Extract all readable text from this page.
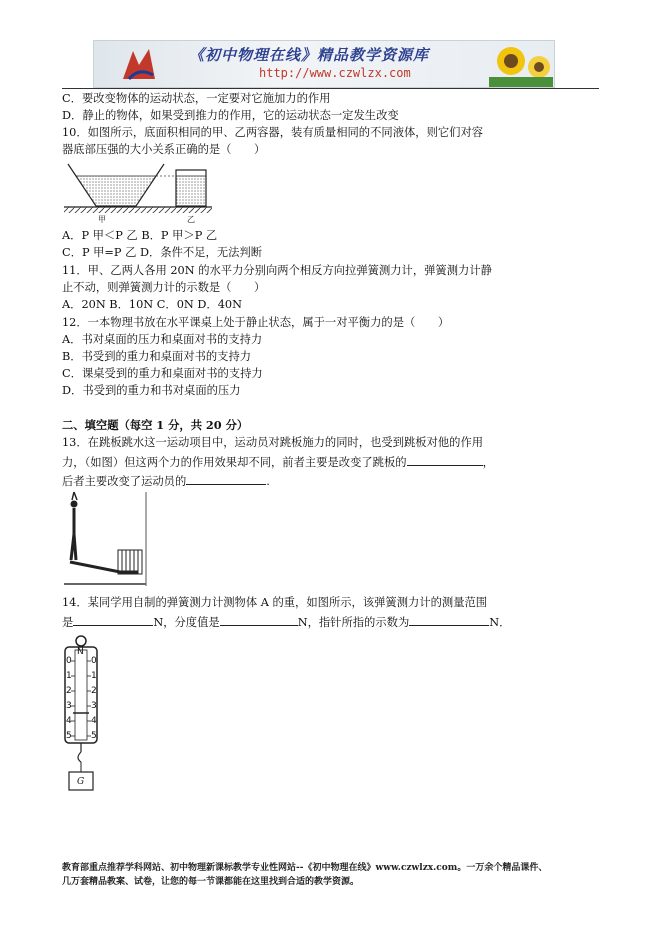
《初中物理在线》精品教学资源库
http://www.czwlzx.com
C．要改变物体的运动状态，一定要对它施加力的作用
D．静止的物体，如果受到推力的作用，它的运动状态一定发生改变
10．如图所示，底面积相同的甲、乙两容器，装有质量相同的不同液体，则它们对容
器底部压强的大小关系正确的是（　　）
甲	乙
A．P 甲＜P 乙 B．P 甲＞P 乙
C．P 甲=P 乙 D．条件不足，无法判断
11．甲、乙两人各用 20N 的水平力分别向两个相反方向拉弹簧测力计，弹簧测力计静
止不动，则弹簧测力计的示数是（　　）
A．20N B．10N C．0N D．40N
12．一本物理书放在水平课桌上处于静止状态，属于一对平衡力的是（　　）
A．书对桌面的压力和桌面对书的支持力
B．书受到的重力和桌面对书的支持力
C．课桌受到的重力和桌面对书的支持力
D．书受到的重力和书对桌面的压力
二、填空题（每空 1 分，共 20 分）
13．在跳板跳水这一运动项目中，运动员对跳板施力的同时，也受到跳板对他的作用
力，（如图）但这两个力的作用效果却不同，前者主要是改变了跳板的	，
后者主要改变了运动员的	.
14．某同学用自制的弹簧测力计测物体 A 的重，如图所示，该弹簧测力计的测量范围
是	N，分度值是	N，指针所指的示数为	N．
N
0
1
2
3
4
5
0
1
2
3
4
5
G
教育部重点推荐学科网站、初中物理新课标教学专业性网站--《初中物理在线》www.czwlzx.com。一万余个精品课件、
几万套精品教案、试卷，让您的每一节课都能在这里找到合适的教学资源。
